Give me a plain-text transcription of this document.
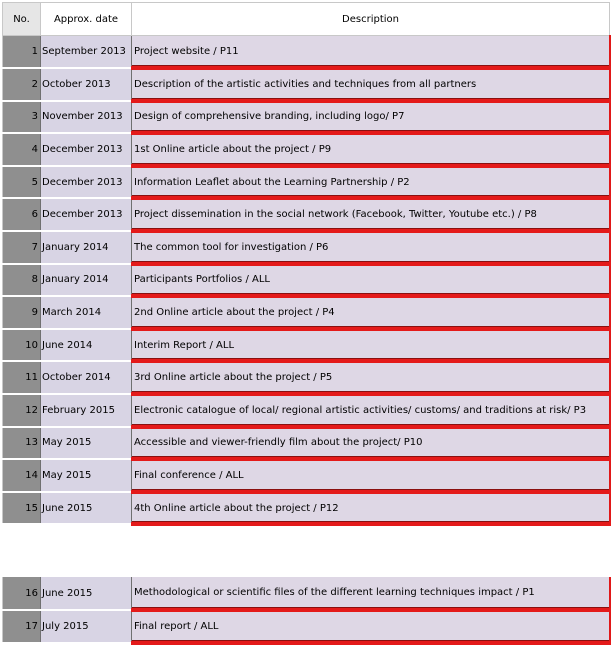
No.	Approx. date	Description
1	September 2013	Project website / P11
2	October 2013	Description of the artistic activities and techniques from all partners
3	November 2013	Design of comprehensive branding, including logo/ P7
4	December 2013	1st Online article about the project / P9
5	December 2013	Information Leaflet about the Learning Partnership / P2
6	December 2013	Project dissemination in the social network (Facebook, Twitter, Youtube etc.) / P8
7	January 2014	The common tool for investigation / P6
8	January 2014	Participants Portfolios / ALL
9	March 2014	2nd Online article about the project / P4
10	June 2014	Interim Report / ALL
11	October 2014	3rd Online article about the project / P5
12	February 2015	Electronic catalogue of local/ regional artistic activities/ customs/ and traditions at risk/ P3
13	May 2015	Accessible and viewer-friendly film about the project/ P10
14	May 2015	Final conference / ALL
15	June 2015	4th Online article about the project / P12
16	June 2015	Methodological or scientific files of the different learning techniques impact / P1
17	July 2015	Final report / ALL
